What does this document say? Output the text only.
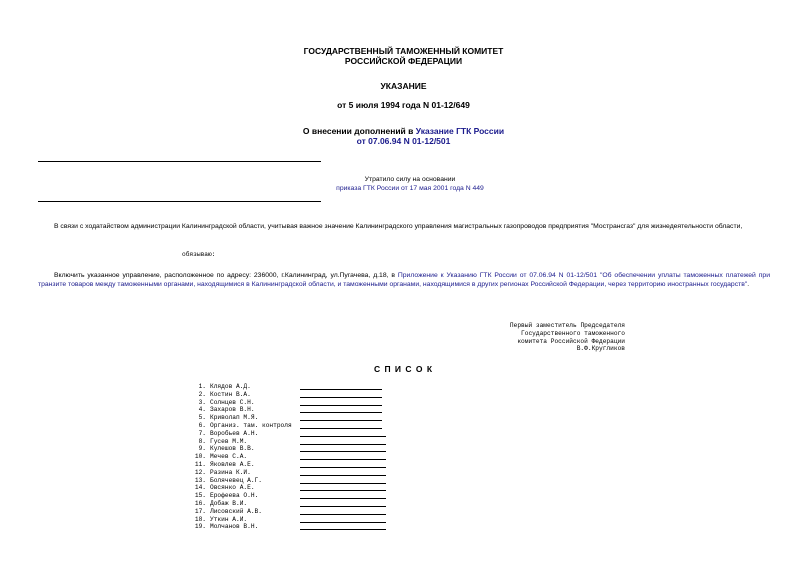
ГОСУДАРСТВЕННЫЙ ТАМОЖЕННЫЙ КОМИТЕТ
РОССИЙСКОЙ ФЕДЕРАЦИИ
УКАЗАНИЕ
от 5 июля 1994 года N 01-12/649
О внесении дополнений в Указание ГТК России
от 07.06.94 N 01-12/501
Утратило силу на основании
приказа ГТК России от 17 мая 2001 года N 449
В связи с ходатайством администрации Калининградской области, учитывая важное значение Калининградского управления магистральных газопроводов предприятия "Мострансгаз" для жизнедеятельности области,
обязываю:
Включить указанное управление, расположенное по адресу: 236000, г.Калининград, ул.Пугачева, д.18, в Приложение к Указанию ГТК России от 07.06.94 N 01-12/501 "Об обеспечении уплаты таможенных платежей при транзите товаров между таможенными органами, находящимися в Калининградской области, и таможенными органами, находящимися в других регионах Российской Федерации, через территорию иностранных государств".
Первый заместитель Председателя
Государственного таможенного
комитета Российской Федерации
В.Ф.Кругликов
С П И С О К
1. Клядов А.Д.
2. Костин В.А.
3. Солнцев С.Н.
4. Захаров В.Н.
5. Криволап М.Я.
6. Организ. там. контроля
7. Воробьев А.Н.
8. Гусев М.М.
9. Кулешов В.В.
10. Мечев С.А.
11. Яковлев А.Е.
12. Разина К.И.
13. Болячевец А.Г.
14. Овсянко А.Е.
15. Ерофеева О.Н.
16. Добаж В.И.
17. Лисовский А.В.
18. Уткин А.И.
19. Молчанов В.Н.
